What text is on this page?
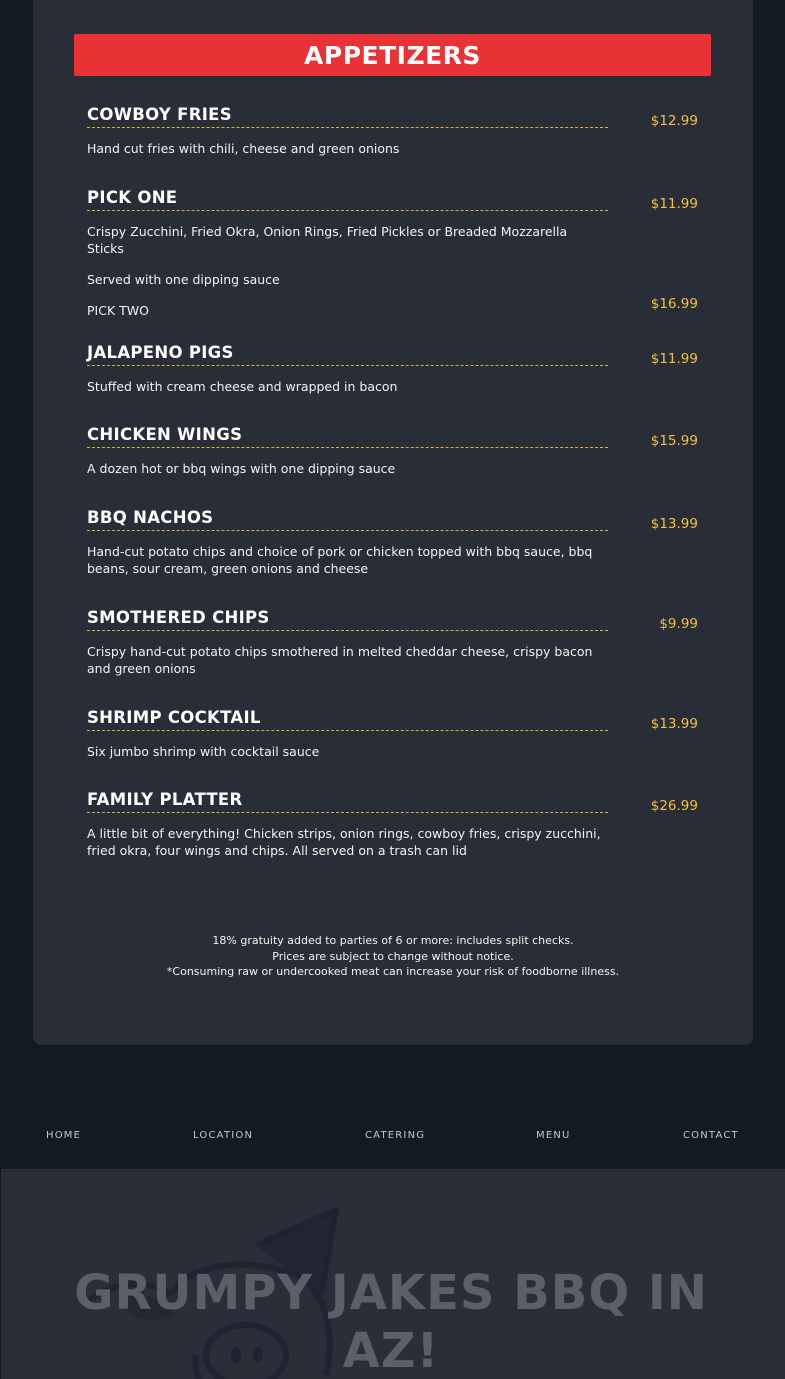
APPETIZERS
COWBOY FRIES	$12.99
Hand cut fries with chili, cheese and green onions
PICK ONE	$11.99
Crispy Zucchini, Fried Okra, Onion Rings, Fried Pickles or Breaded Mozzarella Sticks
Served with one dipping sauce
PICK TWO	$16.99
JALAPENO PIGS	$11.99
Stuffed with cream cheese and wrapped in bacon
CHICKEN WINGS	$15.99
A dozen hot or bbq wings with one dipping sauce
BBQ NACHOS	$13.99
Hand-cut potato chips and choice of pork or chicken topped with bbq sauce, bbq beans, sour cream, green onions and cheese
SMOTHERED CHIPS	$9.99
Crispy hand-cut potato chips smothered in melted cheddar cheese, crispy bacon and green onions
SHRIMP COCKTAIL	$13.99
Six jumbo shrimp with cocktail sauce
FAMILY PLATTER	$26.99
A little bit of everything! Chicken strips, onion rings, cowboy fries, crispy zucchini, fried okra, four wings and chips. All served on a trash can lid
18% gratuity added to parties of 6 or more: includes split checks.
Prices are subject to change without notice.
*Consuming raw or undercooked meat can increase your risk of foodborne illness.
HOME	LOCATION	CATERING	MENU	CONTACT
GRUMPY JAKES BBQ IN
AZ!
